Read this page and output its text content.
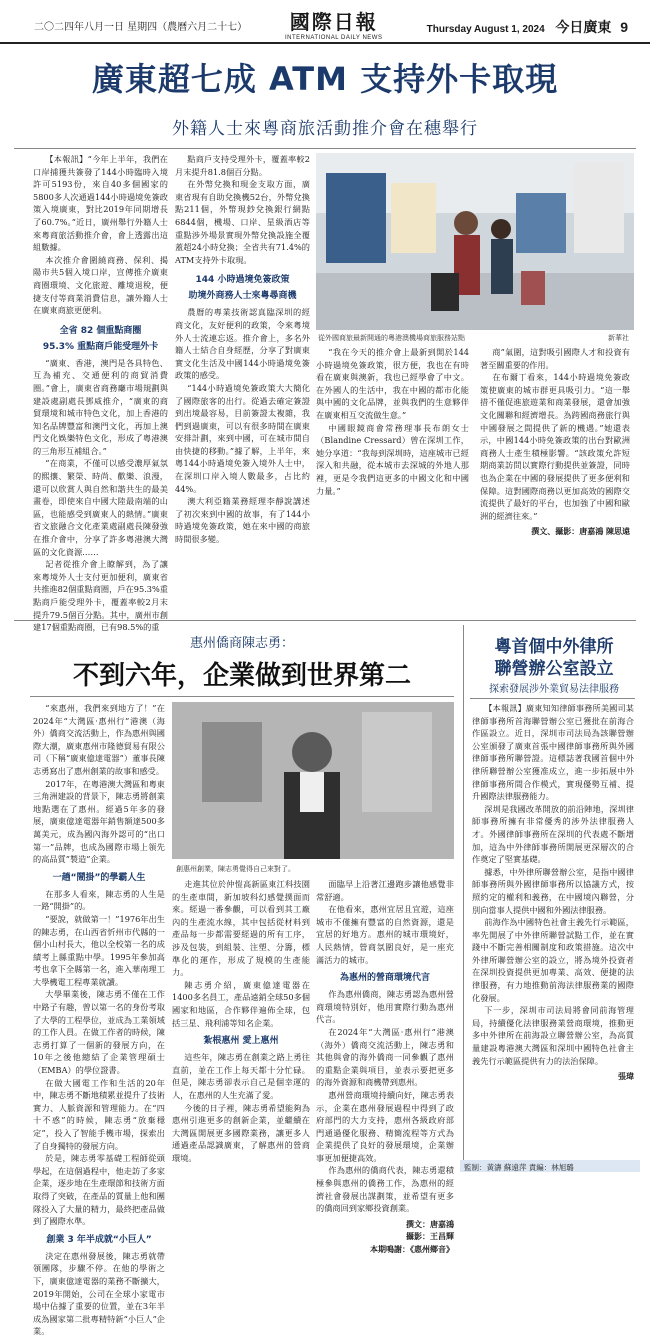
二〇二四年八月一日 星期四（農曆六月二十七） 國際日報
INTERNATIONAL DAILY NEWS
Thursday August 1, 2024 今日廣東 9
廣東超七成 ATM 支持外卡取現
外籍人士來粵商旅活動推介會在穗舉行

【本報訊】“今年上半年，我們在口岸捕獲共簽發了144小時臨時入境許可5193份，來自40多個國家的5800多人次通過144小時過境免簽政策入境廣東，對比2019年同期增長了60.7%。”近日，廣州舉行外籍人士來粵商旅活動推介會，會上透露出這組數據。

本次推介會圍繞商務、保利、揭陽市共5個入境口岸，宣傳推介廣東商圈環境、文化旅遊、離境退稅，便捷支付等商業消費信息，讓外籍人士在廣東商旅更便利。

全省 82 個重點商圈
95.3% 重點商戶能受理外卡

“廣東、香港，澳門是各具特色、互為補充、交通便利的商貿消費圈。”會上，廣東省商務廳市場規劃與建設處副處長鄧威推介，“廣東的商貿環境和城市特色文化，加上香港的知名品牌豐富和澳門文化，再加上澳門文化娛樂特色文化，形成了粵港澳的三角形互補組合。”

“在商業，不僅可以感受濃厚氣氛的熙攘、繁榮、時尚、歡樂、浪漫，還可以欣賞人與自然和諧共生的最美畫卷，即使來自中國大陸最南端的山區，也能感受到廣東人的熱情。”廣東省文旅融合文化產業處副處長陳發強在推介會中，分享了許多粵港澳大灣區的文化資源……

記者從推介會上瞭解到，為了讓來粵境外人士支付更加便利，廣東省共推進82個重點商圈，戶在95.3%重點商戶能受理外卡，覆蓋率較2月末提升79.5個百分點。其中，廣州市創建17個重點商圈，已有98.5%的重

點商戶支持受理外卡，覆蓋率較2月末提升81.8個百分點。

在外幣兌換和現金支取方面，廣東省現有自助兌換機52台，外幣兌換點211個，外幣現鈔兌換銀行網點6844個，機場、口岸、星級酒店等重點涉外場景實現外幣兌換設施全覆蓋超24小時兌換；全省共有71.4%的ATM支持外卡取現。

144 小時過境免簽政策
助境外商務人士來粵尋商機

農曆的專業技術認真臨深圳的經商文化，友好便利的政策，令來粵境外人士流連忘返。推介會上，多名外籍人士結合自身經歷，分享了對廣東實文化生活及中國144小時過境免簽政策的感受。

“144小時過境免簽政策大大簡化了國際旅客的出行。從過去確定簽證到出境最容易，目前簽證太複雜，我們到過廣東，可以有很多時間在廣東安排計劃，來到中國，可在城市間自由快捷的移動。”據了解，上半年，來粵144小時過境免簽入境外人士中，在深圳口岸入境人數最多，占比約44%。

澳大利亞籍業務經理李靜說講述了初次來到中國的故事，有了144小時過境免簽政策，她在來中國的商旅時間很多變。

從外國商旅最新開通的粵港澳機場商旅服務站點	新華社

“我在今天的推介會上最新到開於144小時過境免簽政策，很方便，我也在有時看在廣東與澳新，我也已經學會了中文。在外國人的生活中，我在中國的都市化能與中國的文化品牌，並與我們的生意夥伴在廣東相互交流做生意。”

中國眼鏡商會常務理事長布朗女士（Blandine Cressard）曾在深圳工作，她分享道：“我每到深圳時，這座城市已經深入和共融，從本城市去深城的外地人那裡，更是令我們這更多的中國文化和中國力量。”

商”氣圍，這對吸引國際人才和投資有著至關重要的作用。

在布爾丁看來，144小時過境免簽政策使廣東的城市群更具吸引力。“這一舉措不僅促進旅遊業和商業發展，還會加強文化關聯和經濟增長。為跨國商務旅行與中國發展之間提供了新的機遇。”她還表示，中國144小時免簽政策的出台對歐洲商務人士產生積極影響。“該政策允許短期商業訪問以實際行動提供並簽證，同時也為企業在中國的發展提供了更多便利和保障。這對國際商務以更加高效的國際交流提供了最好的平台，也加強了中國和歐洲的經濟往來。”

撰文、攝影：唐嘉鴻 陳思遠
惠州僑商陳志勇：
不到六年，企業做到世界第二

“來惠州，我們來到地方了！”在2024年“大灣區·惠州行”港澳（海外）僑商交流活動上，作為惠州與國際大潮，廣東惠州市隆德貿易有限公司（下稱“廣東億達電器”）董事長陳志勇寫出了惠州創業的故事和感受。

2017年，在粵港澳大灣區和粵東三角洲建設的背景下，陳志勇將創業地點選在了惠州。經過5年多的發展，廣東億達電器年銷售額達500多萬美元，成為國內海外認可的“出口第一”品牌，也成為國際市場上領先的高品質”製造”企業。

一趟“鬧掛”的學霸人生

在那多人看來，陳志勇的人生是一路“開掛”的。

“要說，就做第一！”1976年出生的陳志勇，在山西省忻州市代縣的一個小山村長大，他以全校第一名的成績考上縣重點中學。1995年參加高考也拿下全縣第一名，進入華南理工大學機電工程專業就讀。

大學畢業後，陳志勇不僅在工作中路子有趣，曾以第一名的身份考取了大學的工程學位，並成為工業領域的工作人員。在做工作者的時候，陳志勇打算了一個新的發展方向，在10年之後他總結了企業管理碩士（EMBA）的學位證書。

在做大國電工作和生活的20年中，陳志勇不斷地積累並提升了技術實力、人脈資源和管理能力。在“四十不惑”的時候，陳志勇“放棄穩定”，投入了智能手機市場，探索出了自身獨特的發展方向。

於是，陳志勇零基礎工程師從頭學起，在這個過程中，他走訪了多家企業，逐步地在生產環節和技術方面取得了突破，在產品的質量上他和團隊投入了大量的精力，最終把產品做到了國際水準。

創業 3 年半成就“小巨人”

決定在惠州發展後，陳志勇就帶領團隊，步驟不停。在他的學術之下，廣東億達電器的業務不斷擴大，2019年開始，公司在全球小家電市場中佔據了重要的位置，並在3年半成為國家第二批專精特新“小巨人”企業。

創惠州創業，陳志勇覺得自己來對了。

走進其位於仲愷高新區東江科技園的生產車間，新加坡科幻感覺撲面而來。經過一番參觀，可以看到其工廠內的生產流水線，其中包括從材料到產品每一步都需要經過的所有工序，涉及包裝，到組裝、注塑、分籌，標準化的運作，形成了規模的生產能力。

陳志勇介紹，廣東億達電器在1400多名員工，產品遠銷全球50多個國家和地區，合作夥伴遍佈全球，包括三星、飛利浦等知名企業。

紮根惠州 愛上惠州

這些年，陳志勇在創業之路上勇往直前，並在工作上每天都十分忙碌。但是，陳志勇卻表示自己是個幸運的人，在惠州的人生充滿了愛。

今後的日子裡，陳志勇希望能夠為惠州引進更多的創新企業，並繼續在大灣區開展更多國際業務，讓更多人通過產品認識廣東，了解惠州的營商環境。

面臨早上沿著江邊跑步讓他感覺非常舒適。

在他看來，惠州宜居且宜遊，這座城市不僅擁有豐富的自然資源，還是宜居的好地方。惠州的城市環境好，人民熱情，營商氛圍良好，是一座充滿活力的城市。

為惠州的營商環境代言

作為惠州僑商，陳志勇認為惠州營商環境特別好，他用實際行動為惠州代言。

在2024年“大灣區·惠州行”港澳（海外）僑商交流活動上，陳志勇和其他與會的海外僑商一同參觀了惠州的重點企業與項目，並表示要把更多的海外資源和商機帶到惠州。

惠州營商環境持續向好，陳志勇表示，企業在惠州發展過程中得到了政府部門的大力支持，惠州各級政府部門通過優化服務、精簡流程等方式為企業提供了良好的發展環境，企業辦事更加便捷高效。

作為惠州的僑商代表，陳志勇還積極參與惠州的僑務工作，為惠州的經濟社會發展出謀劃策，並希望有更多的僑商回到家鄉投資創業。

撰文：唐嘉鴻
攝影：王昌輝
本期鳴謝：《惠州鄉音》
粵首個中外律所
聯營辦公室設立
探索發展涉外業貿易法律服務

【本報訊】廣東知知律師事務所美國司某律師事務所首海聯營辦公室已獲批在前海合作區設立。近日，深圳市司法局為該聯營辦公室頒發了廣東首張中國律師事務所與外國律師事務所聯營證。這標誌著我國首個中外律所聯營辦公室獲准成立，進一步拓展中外律師事務所間合作模式，實現優勢互補、提升國際法律服務能力。

深圳是我國改革開放的前沿陣地，深圳律師事務所擁有非常優秀的涉外法律服務人才。外國律師事務所在深圳的代表處不斷增加，這為中外律師事務所開展更深層次的合作奠定了堅實基礎。

據悉，中外律所聯營辦公室，是指中國律師事務所與外國律師事務所以協議方式，按照約定的權利和義務，在中國境內聯營，分別向當事人提供中國和外國法律服務。

前海作為中國特色社會主義先行示範區，率先開展了中外律所聯營試點工作，並在實踐中不斷完善相關制度和政策措施。這次中外律所聯營辦公室的設立，將為境外投資者在深圳投資提供更加專業、高效、便捷的法律服務，有力地推動前海法律服務業的國際化發展。

下一步，深圳市司法局將會同前海管理局，持續優化法律服務業營商環境，推動更多中外律所在前海設立聯營辦公室，為高質量建設粵港澳大灣區和深圳中國特色社會主義先行示範區提供有力的法治保障。

張瑋
監制：黃濤 蘇遠萍 責編：林旭璐
